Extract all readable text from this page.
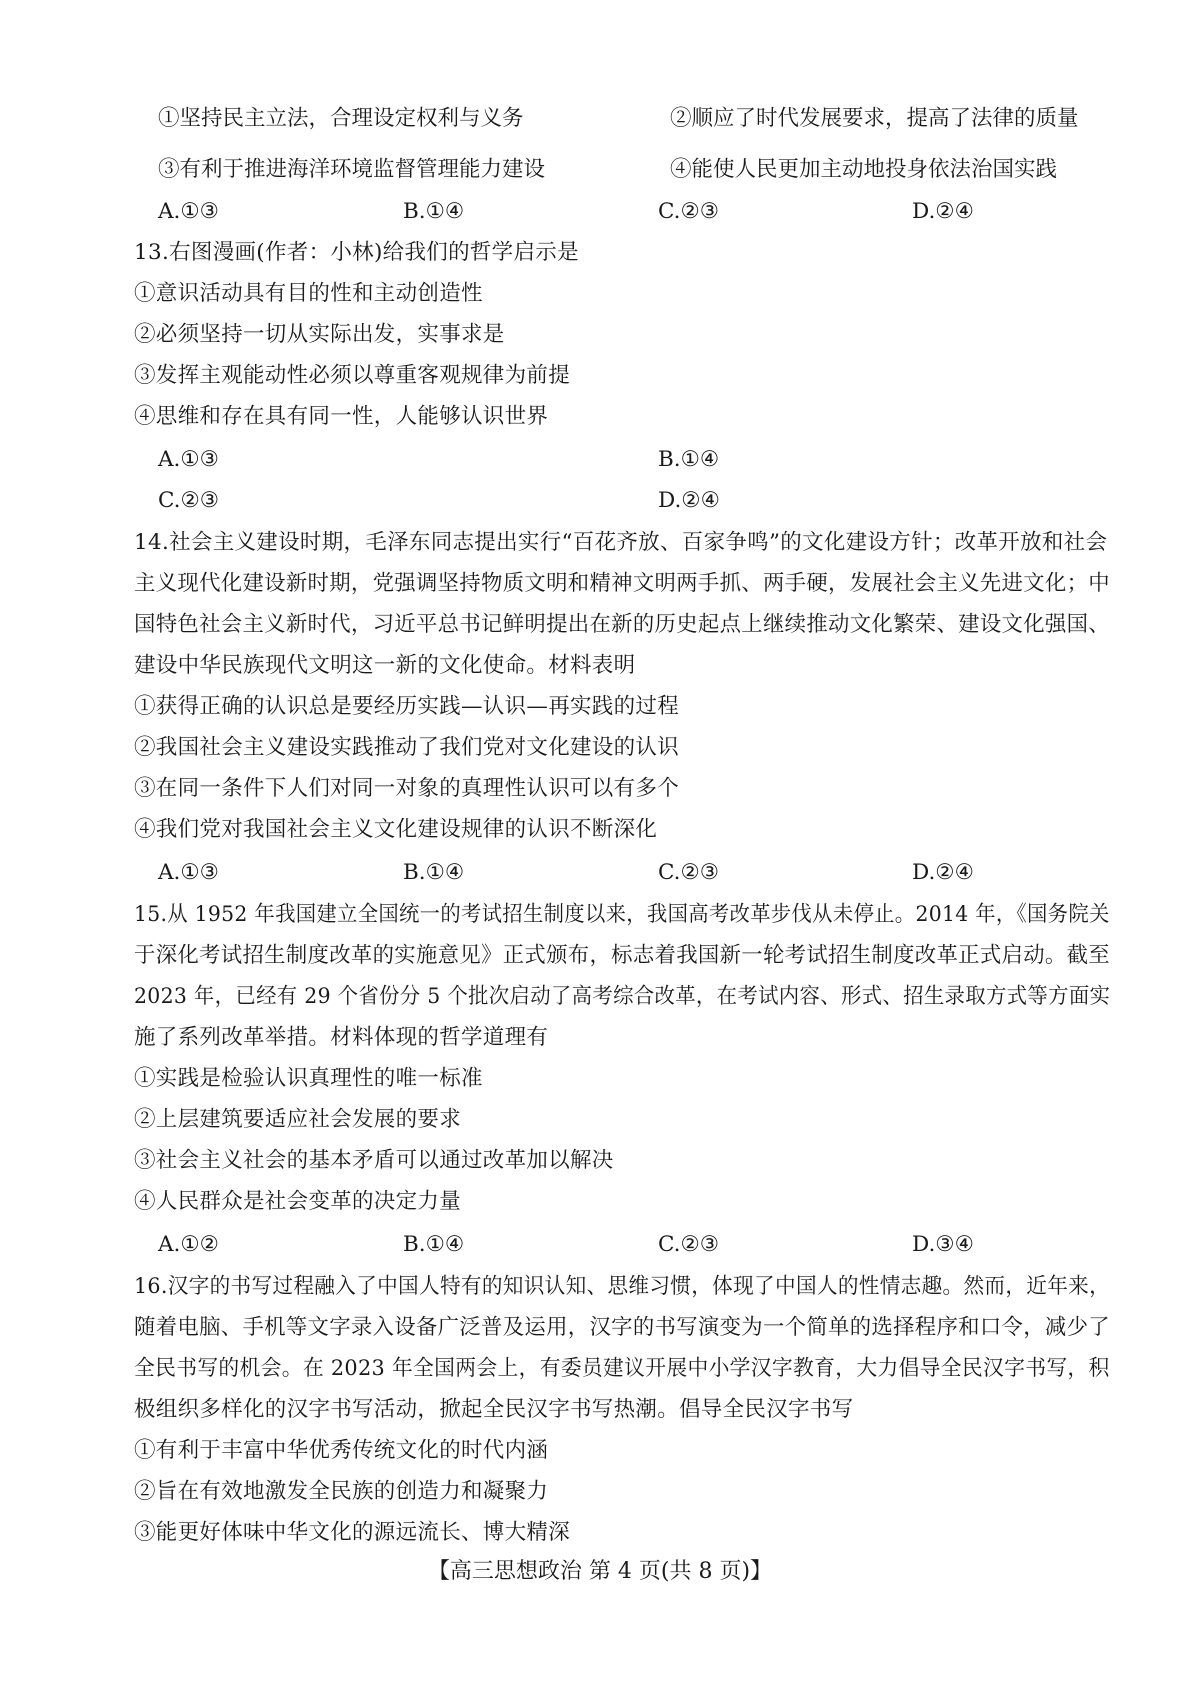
①坚持民主立法，合理设定权利与义务	②顺应了时代发展要求，提高了法律的质量
③有利于推进海洋环境监督管理能力建设	④能使人民更加主动地投身依法治国实践
A.①③	B.①④	C.②③	D.②④
13.右图漫画(作者：小林)给我们的哲学启示是
①意识活动具有目的性和主动创造性
②必须坚持一切从实际出发，实事求是
③发挥主观能动性必须以尊重客观规律为前提
④思维和存在具有同一性，人能够认识世界
A.①③	B.①④
C.②③	D.②④
14.社会主义建设时期，毛泽东同志提出实行“百花齐放、百家争鸣”的文化建设方针；改革开放和社会
主义现代化建设新时期，党强调坚持物质文明和精神文明两手抓、两手硬，发展社会主义先进文化；中
国特色社会主义新时代，习近平总书记鲜明提出在新的历史起点上继续推动文化繁荣、建设文化强国、
建设中华民族现代文明这一新的文化使命。材料表明
①获得正确的认识总是要经历实践—认识—再实践的过程
②我国社会主义建设实践推动了我们党对文化建设的认识
③在同一条件下人们对同一对象的真理性认识可以有多个
④我们党对我国社会主义文化建设规律的认识不断深化
A.①③	B.①④	C.②③	D.②④
15.从 1952 年我国建立全国统一的考试招生制度以来，我国高考改革步伐从未停止。2014 年，《国务院关
于深化考试招生制度改革的实施意见》正式颁布，标志着我国新一轮考试招生制度改革正式启动。截至
2023 年，已经有 29 个省份分 5 个批次启动了高考综合改革，在考试内容、形式、招生录取方式等方面实
施了系列改革举措。材料体现的哲学道理有
①实践是检验认识真理性的唯一标准
②上层建筑要适应社会发展的要求
③社会主义社会的基本矛盾可以通过改革加以解决
④人民群众是社会变革的决定力量
A.①②	B.①④	C.②③	D.③④
16.汉字的书写过程融入了中国人特有的知识认知、思维习惯，体现了中国人的性情志趣。然而，近年来，
随着电脑、手机等文字录入设备广泛普及运用，汉字的书写演变为一个简单的选择程序和口令，减少了
全民书写的机会。在 2023 年全国两会上，有委员建议开展中小学汉字教育，大力倡导全民汉字书写，积
极组织多样化的汉字书写活动，掀起全民汉字书写热潮。倡导全民汉字书写
①有利于丰富中华优秀传统文化的时代内涵
②旨在有效地激发全民族的创造力和凝聚力
③能更好体味中华文化的源远流长、博大精深
【高三思想政治 第 4 页(共 8 页)】
